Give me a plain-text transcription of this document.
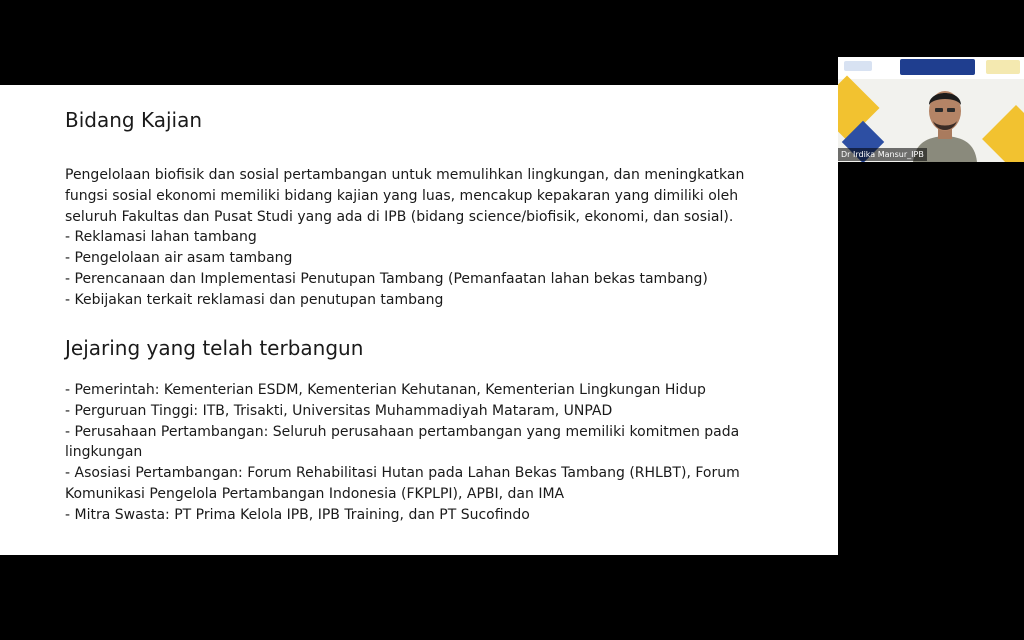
Bidang Kajian
Pengelolaan biofisik dan sosial pertambangan untuk memulihkan lingkungan, dan meningkatkan
fungsi sosial ekonomi memiliki bidang kajian yang luas, mencakup kepakaran yang dimiliki oleh
seluruh Fakultas dan Pusat Studi yang ada di IPB (bidang science/biofisik, ekonomi, dan sosial).
- Reklamasi lahan tambang
- Pengelolaan air asam tambang
- Perencanaan dan Implementasi Penutupan Tambang (Pemanfaatan lahan bekas tambang)
- Kebijakan terkait reklamasi dan penutupan tambang
Jejaring yang telah terbangun
- Pemerintah: Kementerian ESDM, Kementerian Kehutanan, Kementerian Lingkungan Hidup
- Perguruan Tinggi: ITB, Trisakti, Universitas Muhammadiyah Mataram, UNPAD
- Perusahaan Pertambangan: Seluruh perusahaan pertambangan yang memiliki komitmen pada
lingkungan
- Asosiasi Pertambangan: Forum Rehabilitasi Hutan pada Lahan Bekas Tambang (RHLBT), Forum
Komunikasi Pengelola Pertambangan Indonesia (FKPLPI), APBI, dan IMA
- Mitra Swasta: PT Prima Kelola IPB, IPB Training, dan PT Sucofindo
Dr Irdika Mansur_IPB
